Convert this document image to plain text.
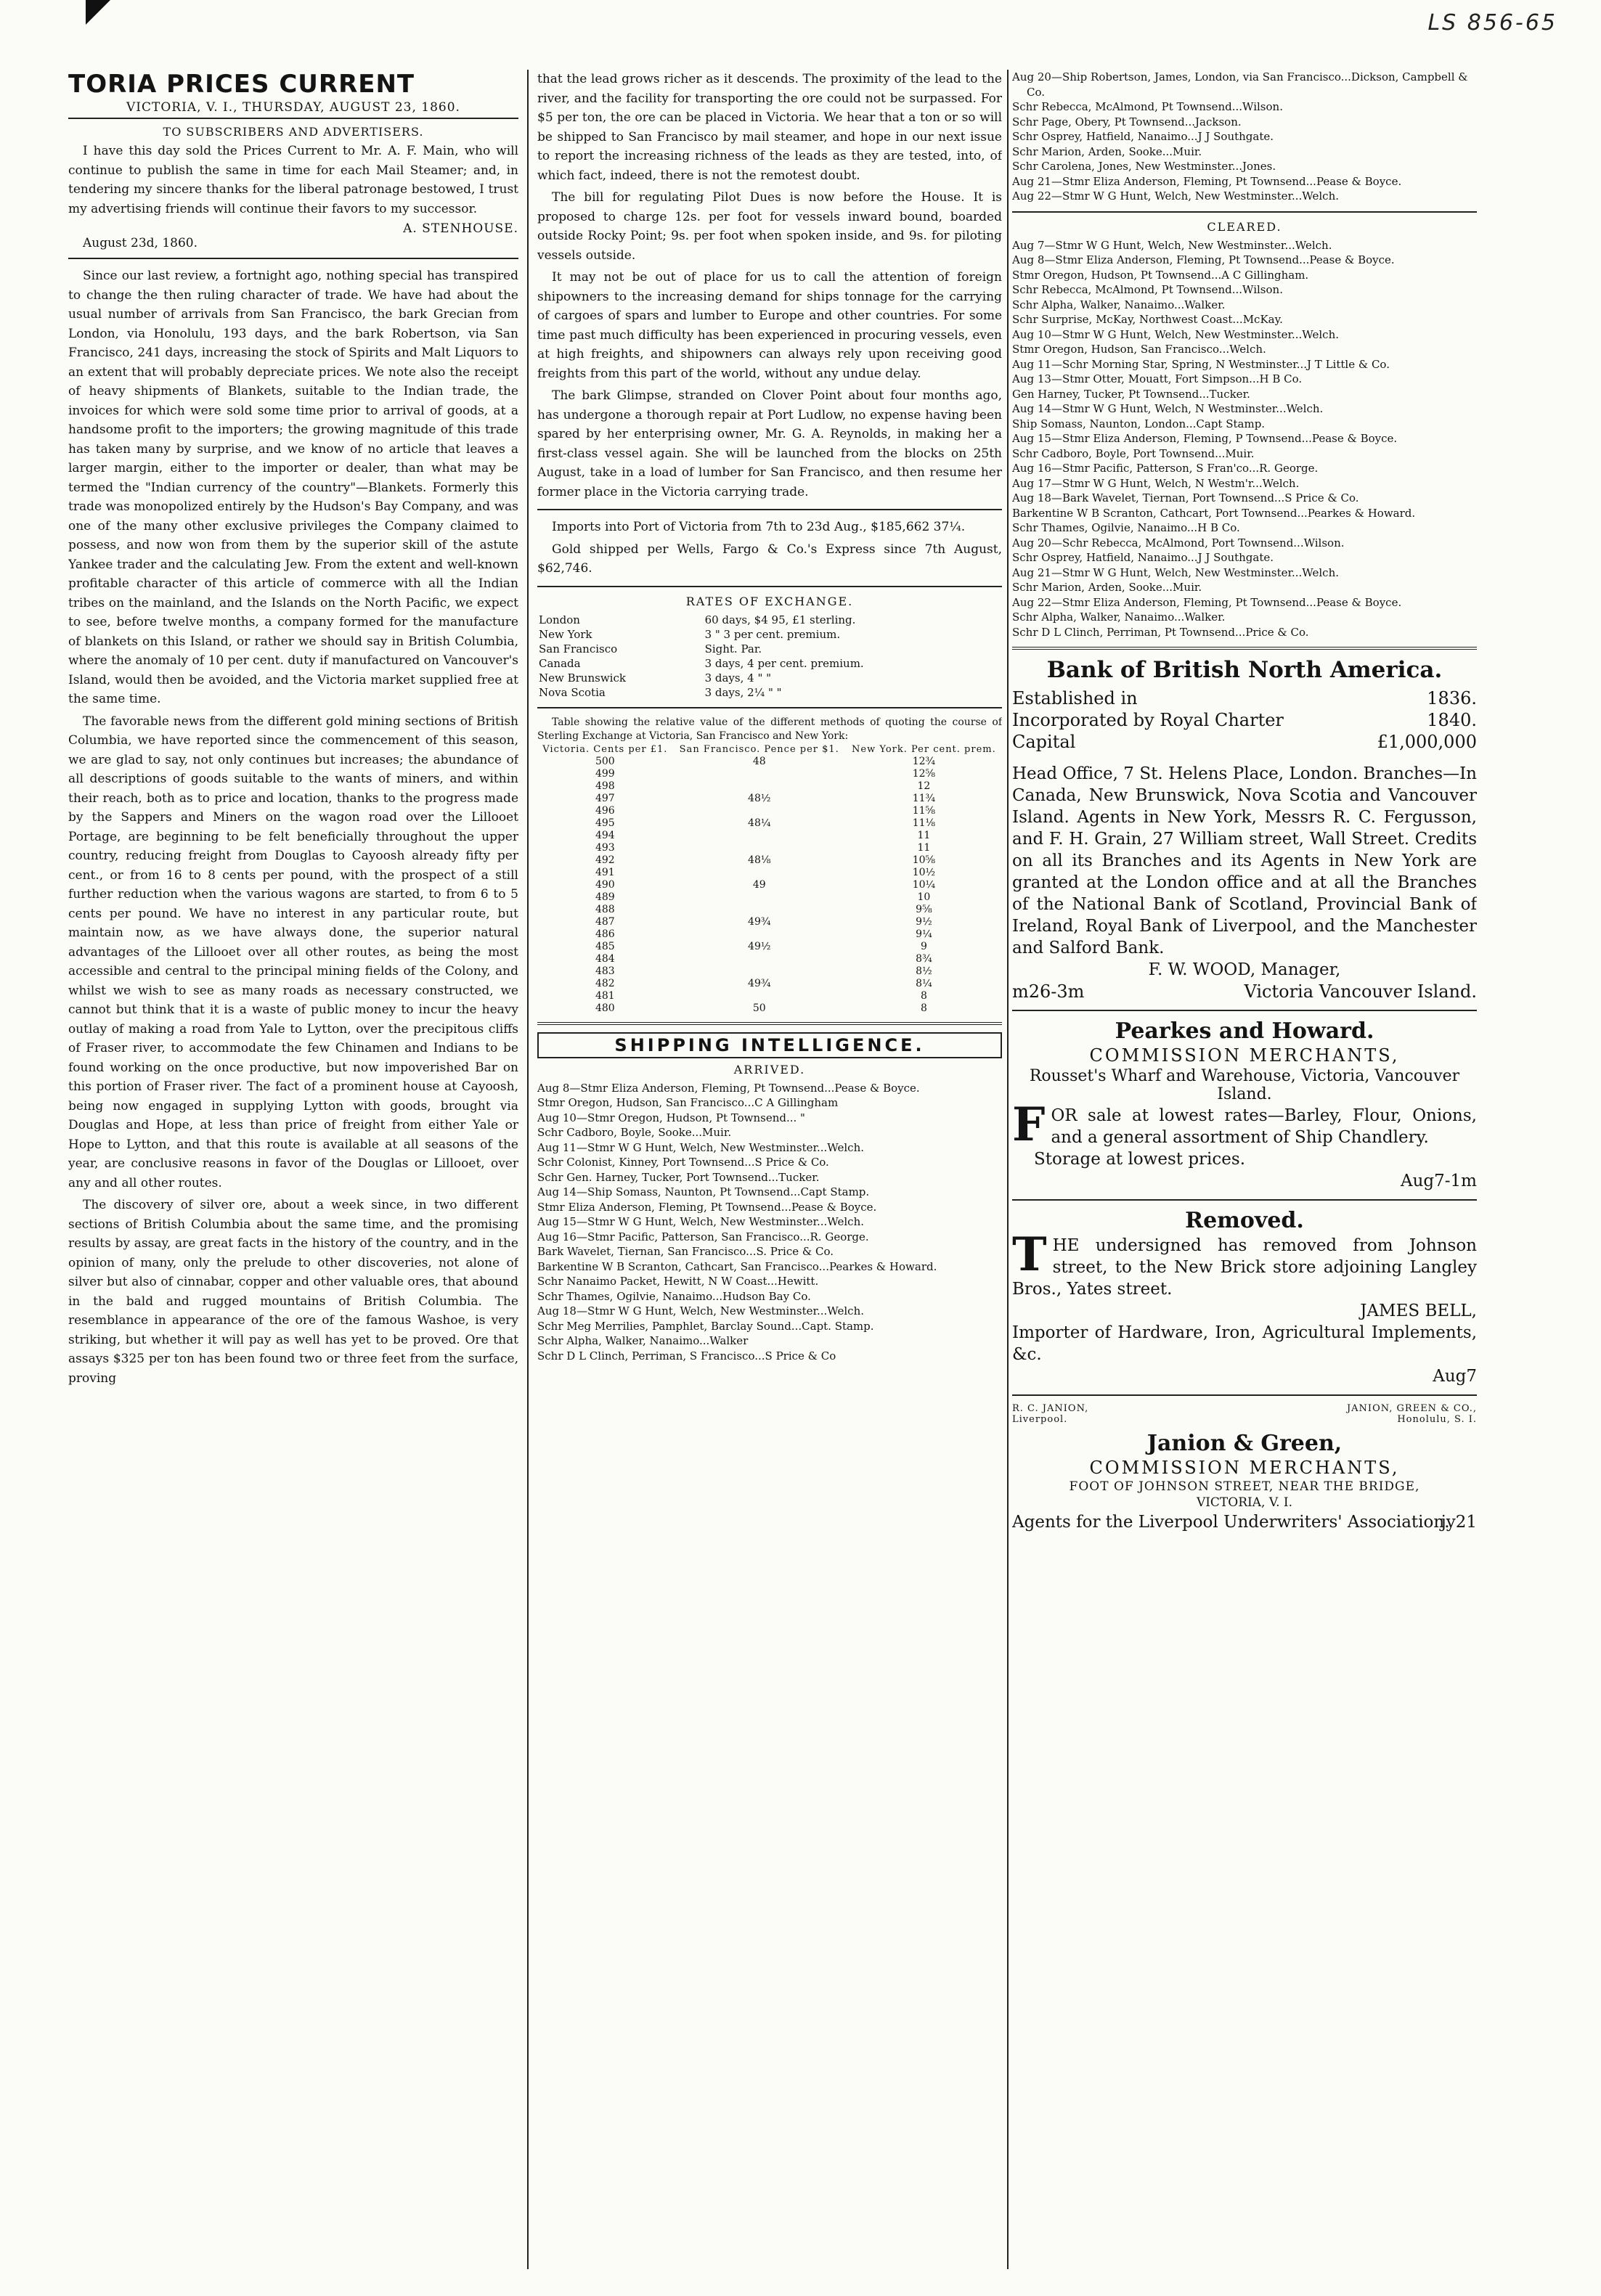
LS 856-65
TORIA PRICES CURRENT
VICTORIA, V. I., THURSDAY, AUGUST 23, 1860.
TO SUBSCRIBERS AND ADVERTISERS.

I have this day sold the Prices Current to Mr. A. F. Main, who will continue to publish the same in time for each Mail Steamer; and, in tendering my sincere thanks for the liberal patronage bestowed, I trust my advertising friends will continue their favors to my successor.

A. STENHOUSE.

August 23d, 1860.

Since our last review, a fortnight ago, nothing special has transpired to change the then ruling character of trade. We have had about the usual number of arrivals from San Francisco, the bark Grecian from London, via Honolulu, 193 days, and the bark Robertson, via San Francisco, 241 days, increasing the stock of Spirits and Malt Liquors to an extent that will probably depreciate prices. We note also the receipt of heavy shipments of Blankets, suitable to the Indian trade, the invoices for which were sold some time prior to arrival of goods, at a handsome profit to the importers; the growing magnitude of this trade has taken many by surprise, and we know of no article that leaves a larger margin, either to the importer or dealer, than what may be termed the "Indian currency of the country"—Blankets. Formerly this trade was monopolized entirely by the Hudson's Bay Company, and was one of the many other exclusive privileges the Company claimed to possess, and now won from them by the superior skill of the astute Yankee trader and the calculating Jew. From the extent and well-known profitable character of this article of commerce with all the Indian tribes on the mainland, and the Islands on the North Pacific, we expect to see, before twelve months, a company formed for the manufacture of blankets on this Island, or rather we should say in British Columbia, where the anomaly of 10 per cent. duty if manufactured on Vancouver's Island, would then be avoided, and the Victoria market supplied free at the same time.

The favorable news from the different gold mining sections of British Columbia, we have reported since the commencement of this season, we are glad to say, not only continues but increases; the abundance of all descriptions of goods suitable to the wants of miners, and within their reach, both as to price and location, thanks to the progress made by the Sappers and Miners on the wagon road over the Lillooet Portage, are beginning to be felt beneficially throughout the upper country, reducing freight from Douglas to Cayoosh already fifty per cent., or from 16 to 8 cents per pound, with the prospect of a still further reduction when the various wagons are started, to from 6 to 5 cents per pound. We have no interest in any particular route, but maintain now, as we have always done, the superior natural advantages of the Lillooet over all other routes, as being the most accessible and central to the principal mining fields of the Colony, and whilst we wish to see as many roads as necessary constructed, we cannot but think that it is a waste of public money to incur the heavy outlay of making a road from Yale to Lytton, over the precipitous cliffs of Fraser river, to accommodate the few Chinamen and Indians to be found working on the once productive, but now impoverished Bar on this portion of Fraser river. The fact of a prominent house at Cayoosh, being now engaged in supplying Lytton with goods, brought via Douglas and Hope, at less than price of freight from either Yale or Hope to Lytton, and that this route is available at all seasons of the year, are conclusive reasons in favor of the Douglas or Lillooet, over any and all other routes.

The discovery of silver ore, about a week since, in two different sections of British Columbia about the same time, and the promising results by assay, are great facts in the history of the country, and in the opinion of many, only the prelude to other discoveries, not alone of silver but also of cinnabar, copper and other valuable ores, that abound in the bald and rugged mountains of British Columbia. The resemblance in appearance of the ore of the famous Washoe, is very striking, but whether it will pay as well has yet to be proved. Ore that assays $325 per ton has been found two or three feet from the surface, proving

that the lead grows richer as it descends. The proximity of the lead to the river, and the facility for transporting the ore could not be surpassed. For $5 per ton, the ore can be placed in Victoria. We hear that a ton or so will be shipped to San Francisco by mail steamer, and hope in our next issue to report the increasing richness of the leads as they are tested, into, of which fact, indeed, there is not the remotest doubt.

The bill for regulating Pilot Dues is now before the House. It is proposed to charge 12s. per foot for vessels inward bound, boarded outside Rocky Point; 9s. per foot when spoken inside, and 9s. for piloting vessels outside.

It may not be out of place for us to call the attention of foreign shipowners to the increasing demand for ships tonnage for the carrying of cargoes of spars and lumber to Europe and other countries. For some time past much difficulty has been experienced in procuring vessels, even at high freights, and shipowners can always rely upon receiving good freights from this part of the world, without any undue delay.

The bark Glimpse, stranded on Clover Point about four months ago, has undergone a thorough repair at Port Ludlow, no expense having been spared by her enterprising owner, Mr. G. A. Reynolds, in making her a first-class vessel again. She will be launched from the blocks on 25th August, take in a load of lumber for San Francisco, and then resume her former place in the Victoria carrying trade.

Imports into Port of Victoria from 7th to 23d Aug., $185,662 37¼.

Gold shipped per Wells, Fargo & Co.'s Express since 7th August, $62,746.

RATES OF EXCHANGE.
London	60 days, $4 95, £1 sterling.
New York	3 " 3 per cent. premium.
San Francisco	Sight. Par.
Canada	3 days, 4 per cent. premium.
New Brunswick	3 days, 4 " "
Nova Scotia	3 days, 2¼ " "

Table showing the relative value of the different methods of quoting the course of Sterling Exchange at Victoria, San Francisco and New York:

Victoria. Cents per £1.	San Francisco. Pence per $1.	New York. Per cent. prem.
500	48	12¾
499		12⅝
498		12
497	48½	11¾
496		11⅝
495	48¼	11⅛
494		11
493		11
492	48⅛	10⅝
491		10½
490	49	10¼
489		10
488		9⅝
487	49¾	9½
486		9¼
485	49½	9
484		8¾
483		8½
482	49¾	8¼
481		8
480	50	8
SHIPPING INTELLIGENCE.
ARRIVED.
Aug 8—Stmr Eliza Anderson, Fleming, Pt Townsend...Pease & Boyce.
Stmr Oregon, Hudson, San Francisco...C A Gillingham
Aug 10—Stmr Oregon, Hudson, Pt Townsend... "
Schr Cadboro, Boyle, Sooke...Muir.
Aug 11—Stmr W G Hunt, Welch, New Westminster...Welch.
Schr Colonist, Kinney, Port Townsend...S Price & Co.
Schr Gen. Harney, Tucker, Port Townsend...Tucker.
Aug 14—Ship Somass, Naunton, Pt Townsend...Capt Stamp.
Stmr Eliza Anderson, Fleming, Pt Townsend...Pease & Boyce.
Aug 15—Stmr W G Hunt, Welch, New Westminster...Welch.
Aug 16—Stmr Pacific, Patterson, San Francisco...R. George.
Bark Wavelet, Tiernan, San Francisco...S. Price & Co.
Barkentine W B Scranton, Cathcart, San Francisco...Pearkes & Howard.
Schr Nanaimo Packet, Hewitt, N W Coast...Hewitt.
Schr Thames, Ogilvie, Nanaimo...Hudson Bay Co.
Aug 18—Stmr W G Hunt, Welch, New Westminster...Welch.
Schr Meg Merrilies, Pamphlet, Barclay Sound...Capt. Stamp.
Schr Alpha, Walker, Nanaimo...Walker
Schr D L Clinch, Perriman, S Francisco...S Price & Co
Aug 20—Ship Robertson, James, London, via San Francisco...Dickson, Campbell & Co.
Schr Rebecca, McAlmond, Pt Townsend...Wilson.
Schr Page, Obery, Pt Townsend...Jackson.
Schr Osprey, Hatfield, Nanaimo...J J Southgate.
Schr Marion, Arden, Sooke...Muir.
Schr Carolena, Jones, New Westminster...Jones.
Aug 21—Stmr Eliza Anderson, Fleming, Pt Townsend...Pease & Boyce.
Aug 22—Stmr W G Hunt, Welch, New Westminster...Welch.
CLEARED.
Aug 7—Stmr W G Hunt, Welch, New Westminster...Welch.
Aug 8—Stmr Eliza Anderson, Fleming, Pt Townsend...Pease & Boyce.
Stmr Oregon, Hudson, Pt Townsend...A C Gillingham.
Schr Rebecca, McAlmond, Pt Townsend...Wilson.
Schr Alpha, Walker, Nanaimo...Walker.
Schr Surprise, McKay, Northwest Coast...McKay.
Aug 10—Stmr W G Hunt, Welch, New Westminster...Welch.
Stmr Oregon, Hudson, San Francisco...Welch.
Aug 11—Schr Morning Star, Spring, N Westminster...J T Little & Co.
Aug 13—Stmr Otter, Mouatt, Fort Simpson...H B Co.
Gen Harney, Tucker, Pt Townsend...Tucker.
Aug 14—Stmr W G Hunt, Welch, N Westminster...Welch.
Ship Somass, Naunton, London...Capt Stamp.
Aug 15—Stmr Eliza Anderson, Fleming, P Townsend...Pease & Boyce.
Schr Cadboro, Boyle, Port Townsend...Muir.
Aug 16—Stmr Pacific, Patterson, S Fran'co...R. George.
Aug 17—Stmr W G Hunt, Welch, N Westm'r...Welch.
Aug 18—Bark Wavelet, Tiernan, Port Townsend...S Price & Co.
Barkentine W B Scranton, Cathcart, Port Townsend...Pearkes & Howard.
Schr Thames, Ogilvie, Nanaimo...H B Co.
Aug 20—Schr Rebecca, McAlmond, Port Townsend...Wilson.
Schr Osprey, Hatfield, Nanaimo...J J Southgate.
Aug 21—Stmr W G Hunt, Welch, New Westminster...Welch.
Schr Marion, Arden, Sooke...Muir.
Aug 22—Stmr Eliza Anderson, Fleming, Pt Townsend...Pease & Boyce.
Schr Alpha, Walker, Nanaimo...Walker.
Schr D L Clinch, Perriman, Pt Townsend...Price & Co.
Bank of British North America.
Established in	1836.
Incorporated by Royal Charter	1840.
Capital	£1,000,000

Head Office, 7 St. Helens Place, London. Branches—In Canada, New Brunswick, Nova Scotia and Vancouver Island. Agents in New York, Messrs R. C. Fergusson, and F. H. Grain, 27 William street, Wall Street. Credits on all its Branches and its Agents in New York are granted at the London office and at all the Branches of the National Bank of Scotland, Provincial Bank of Ireland, Royal Bank of Liverpool, and the Manchester and Salford Bank.

F. W. WOOD, Manager,

m26-3m	Victoria Vancouver Island.
Pearkes and Howard.

COMMISSION MERCHANTS,

Rousset's Wharf and Warehouse, Victoria, Vancouver Island.

FOR sale at lowest rates—Barley, Flour, Onions, and a general assortment of Ship Chandlery.

Storage at lowest prices.

Aug7-1m

Removed.

THE undersigned has removed from Johnson street, to the New Brick store adjoining Langley Bros., Yates street.

JAMES BELL,

Importer of Hardware, Iron, Agricultural Implements, &c.

Aug7

R. C. JANION,	JANION, GREEN & CO.,
Liverpool.	Honolulu, S. I.
Janion & Green,

COMMISSION MERCHANTS,

FOOT OF JOHNSON STREET, NEAR THE BRIDGE,

VICTORIA, V. I.

Agents for the Liverpool Underwriters' Association.

jy21
